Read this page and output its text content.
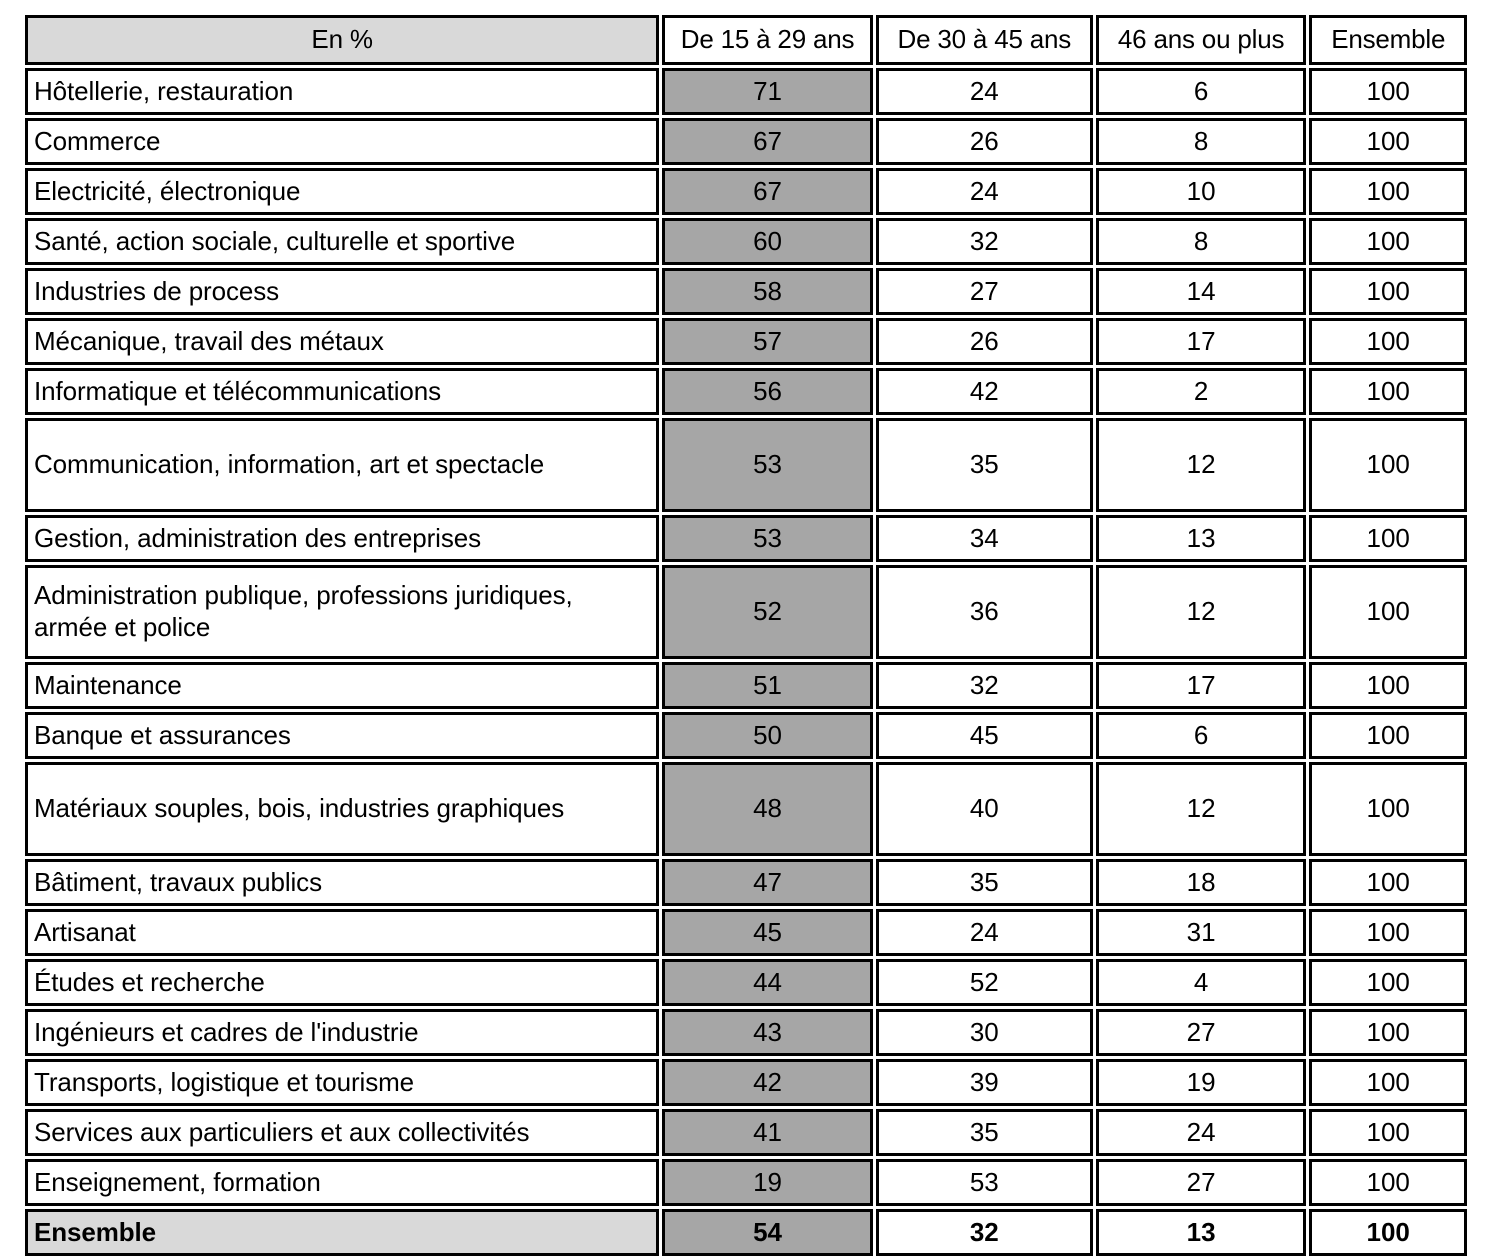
En %	De 15 à 29 ans	De 30 à 45 ans	46 ans ou plus	Ensemble
Hôtellerie, restauration	71	24	6	100
Commerce	67	26	8	100
Electricité, électronique	67	24	10	100
Santé, action sociale, culturelle et sportive	60	32	8	100
Industries de process	58	27	14	100
Mécanique, travail des métaux	57	26	17	100
Informatique et télécommunications	56	42	2	100
Communication, information, art et spectacle	53	35	12	100
Gestion, administration des entreprises	53	34	13	100
Administration publique, professions juridiques, armée et police	52	36	12	100
Maintenance	51	32	17	100
Banque et assurances	50	45	6	100
Matériaux souples, bois, industries graphiques	48	40	12	100
Bâtiment, travaux publics	47	35	18	100
Artisanat	45	24	31	100
Études et recherche	44	52	4	100
Ingénieurs et cadres de l'industrie	43	30	27	100
Transports, logistique et tourisme	42	39	19	100
Services aux particuliers et aux collectivités	41	35	24	100
Enseignement, formation	19	53	27	100
Ensemble	54	32	13	100
